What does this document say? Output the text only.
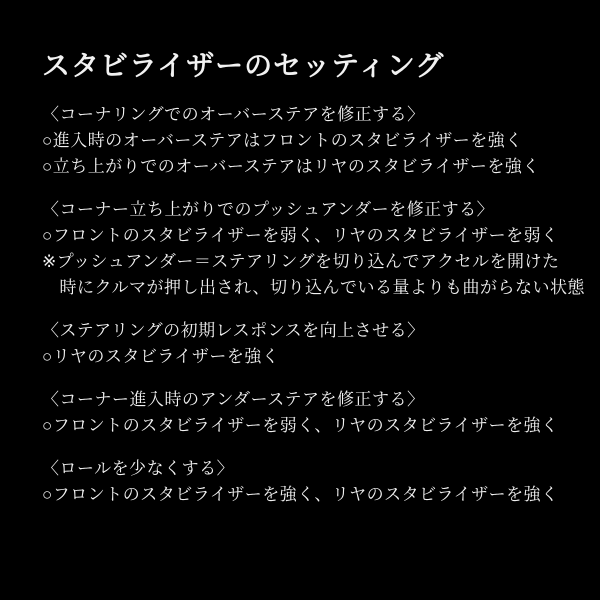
スタビライザーのセッティング

〈コーナリングでのオーバーステアを修正する〉

○進入時のオーバーステアはフロントのスタビライザーを強く

○立ち上がりでのオーバーステアはリヤのスタビライザーを強く

〈コーナー立ち上がりでのプッシュアンダーを修正する〉

○フロントのスタビライザーを弱く、リヤのスタビライザーを弱く

※プッシュアンダー＝ステアリングを切り込んでアクセルを開けた

　時にクルマが押し出され、切り込んでいる量よりも曲がらない状態

〈ステアリングの初期レスポンスを向上させる〉

○リヤのスタビライザーを強く

〈コーナー進入時のアンダーステアを修正する〉

○フロントのスタビライザーを弱く、リヤのスタビライザーを強く

〈ロールを少なくする〉

○フロントのスタビライザーを強く、リヤのスタビライザーを強く
